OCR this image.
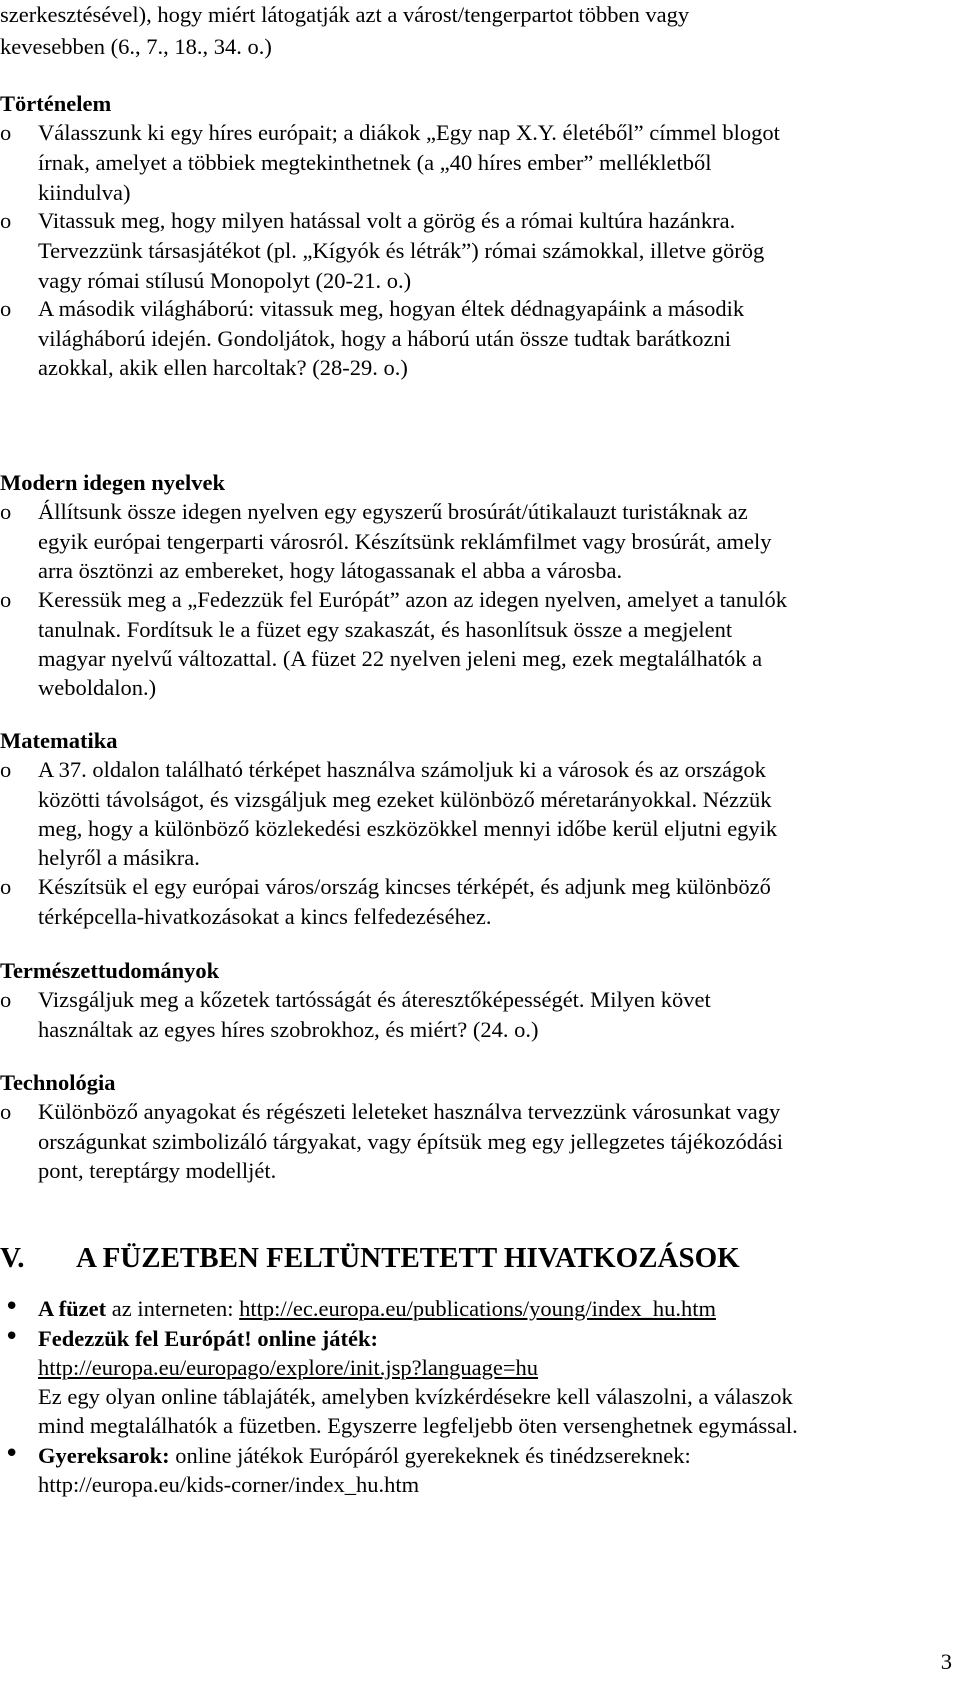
szerkesztésével), hogy miért látogatják azt a várost/tengerpartot többen vagy
kevesebben (6., 7., 18., 34. o.)
Történelem
o Válasszunk ki egy híres európait; a diákok „Egy nap X.Y. életéből” címmel blogot
írnak, amelyet a többiek megtekinthetnek (a „40 híres ember” mellékletből
kiindulva)
o Vitassuk meg, hogy milyen hatással volt a görög és a római kultúra hazánkra.
Tervezzünk társasjátékot (pl. „Kígyók és létrák”) római számokkal, illetve görög
vagy római stílusú Monopolyt (20-21. o.)
o A második világháború: vitassuk meg, hogyan éltek dédnagyapáink a második
világháború idején. Gondoljátok, hogy a háború után össze tudtak barátkozni
azokkal, akik ellen harcoltak? (28-29. o.)
Modern idegen nyelvek
o Állítsunk össze idegen nyelven egy egyszerű brosúrát/útikalauzt turistáknak az
egyik európai tengerparti városról. Készítsünk reklámfilmet vagy brosúrát, amely
arra ösztönzi az embereket, hogy látogassanak el abba a városba.
o Keressük meg a „Fedezzük fel Európát” azon az idegen nyelven, amelyet a tanulók
tanulnak. Fordítsuk le a füzet egy szakaszát, és hasonlítsuk össze a megjelent
magyar nyelvű változattal. (A füzet 22 nyelven jeleni meg, ezek megtalálhatók a
weboldalon.)
Matematika
o A 37. oldalon található térképet használva számoljuk ki a városok és az országok
közötti távolságot, és vizsgáljuk meg ezeket különböző méretarányokkal. Nézzük
meg, hogy a különböző közlekedési eszközökkel mennyi időbe kerül eljutni egyik
helyről a másikra.
o Készítsük el egy európai város/ország kincses térképét, és adjunk meg különböző
térképcella-hivatkozásokat a kincs felfedezéséhez.
Természettudományok
o Vizsgáljuk meg a kőzetek tartósságát és áteresztőképességét. Milyen követ
használtak az egyes híres szobrokhoz, és miért? (24. o.)
Technológia
o Különböző anyagokat és régészeti leleteket használva tervezzünk városunkat vagy
országunkat szimbolizáló tárgyakat, vagy építsük meg egy jellegzetes tájékozódási
pont, tereptárgy modelljét.
V. A FÜZETBEN FELTÜNTETETT HIVATKOZÁSOK
• A füzet az interneten: http://ec.europa.eu/publications/young/index_hu.htm
• Fedezzük fel Európát! online játék:
http://europa.eu/europago/explore/init.jsp?language=hu
Ez egy olyan online táblajáték, amelyben kvízkérdésekre kell válaszolni, a válaszok
mind megtalálhatók a füzetben. Egyszerre legfeljebb öten versenghetnek egymással.
• Gyereksarok: online játékok Európáról gyerekeknek és tinédzsereknek:
http://europa.eu/kids-corner/index_hu.htm
3
